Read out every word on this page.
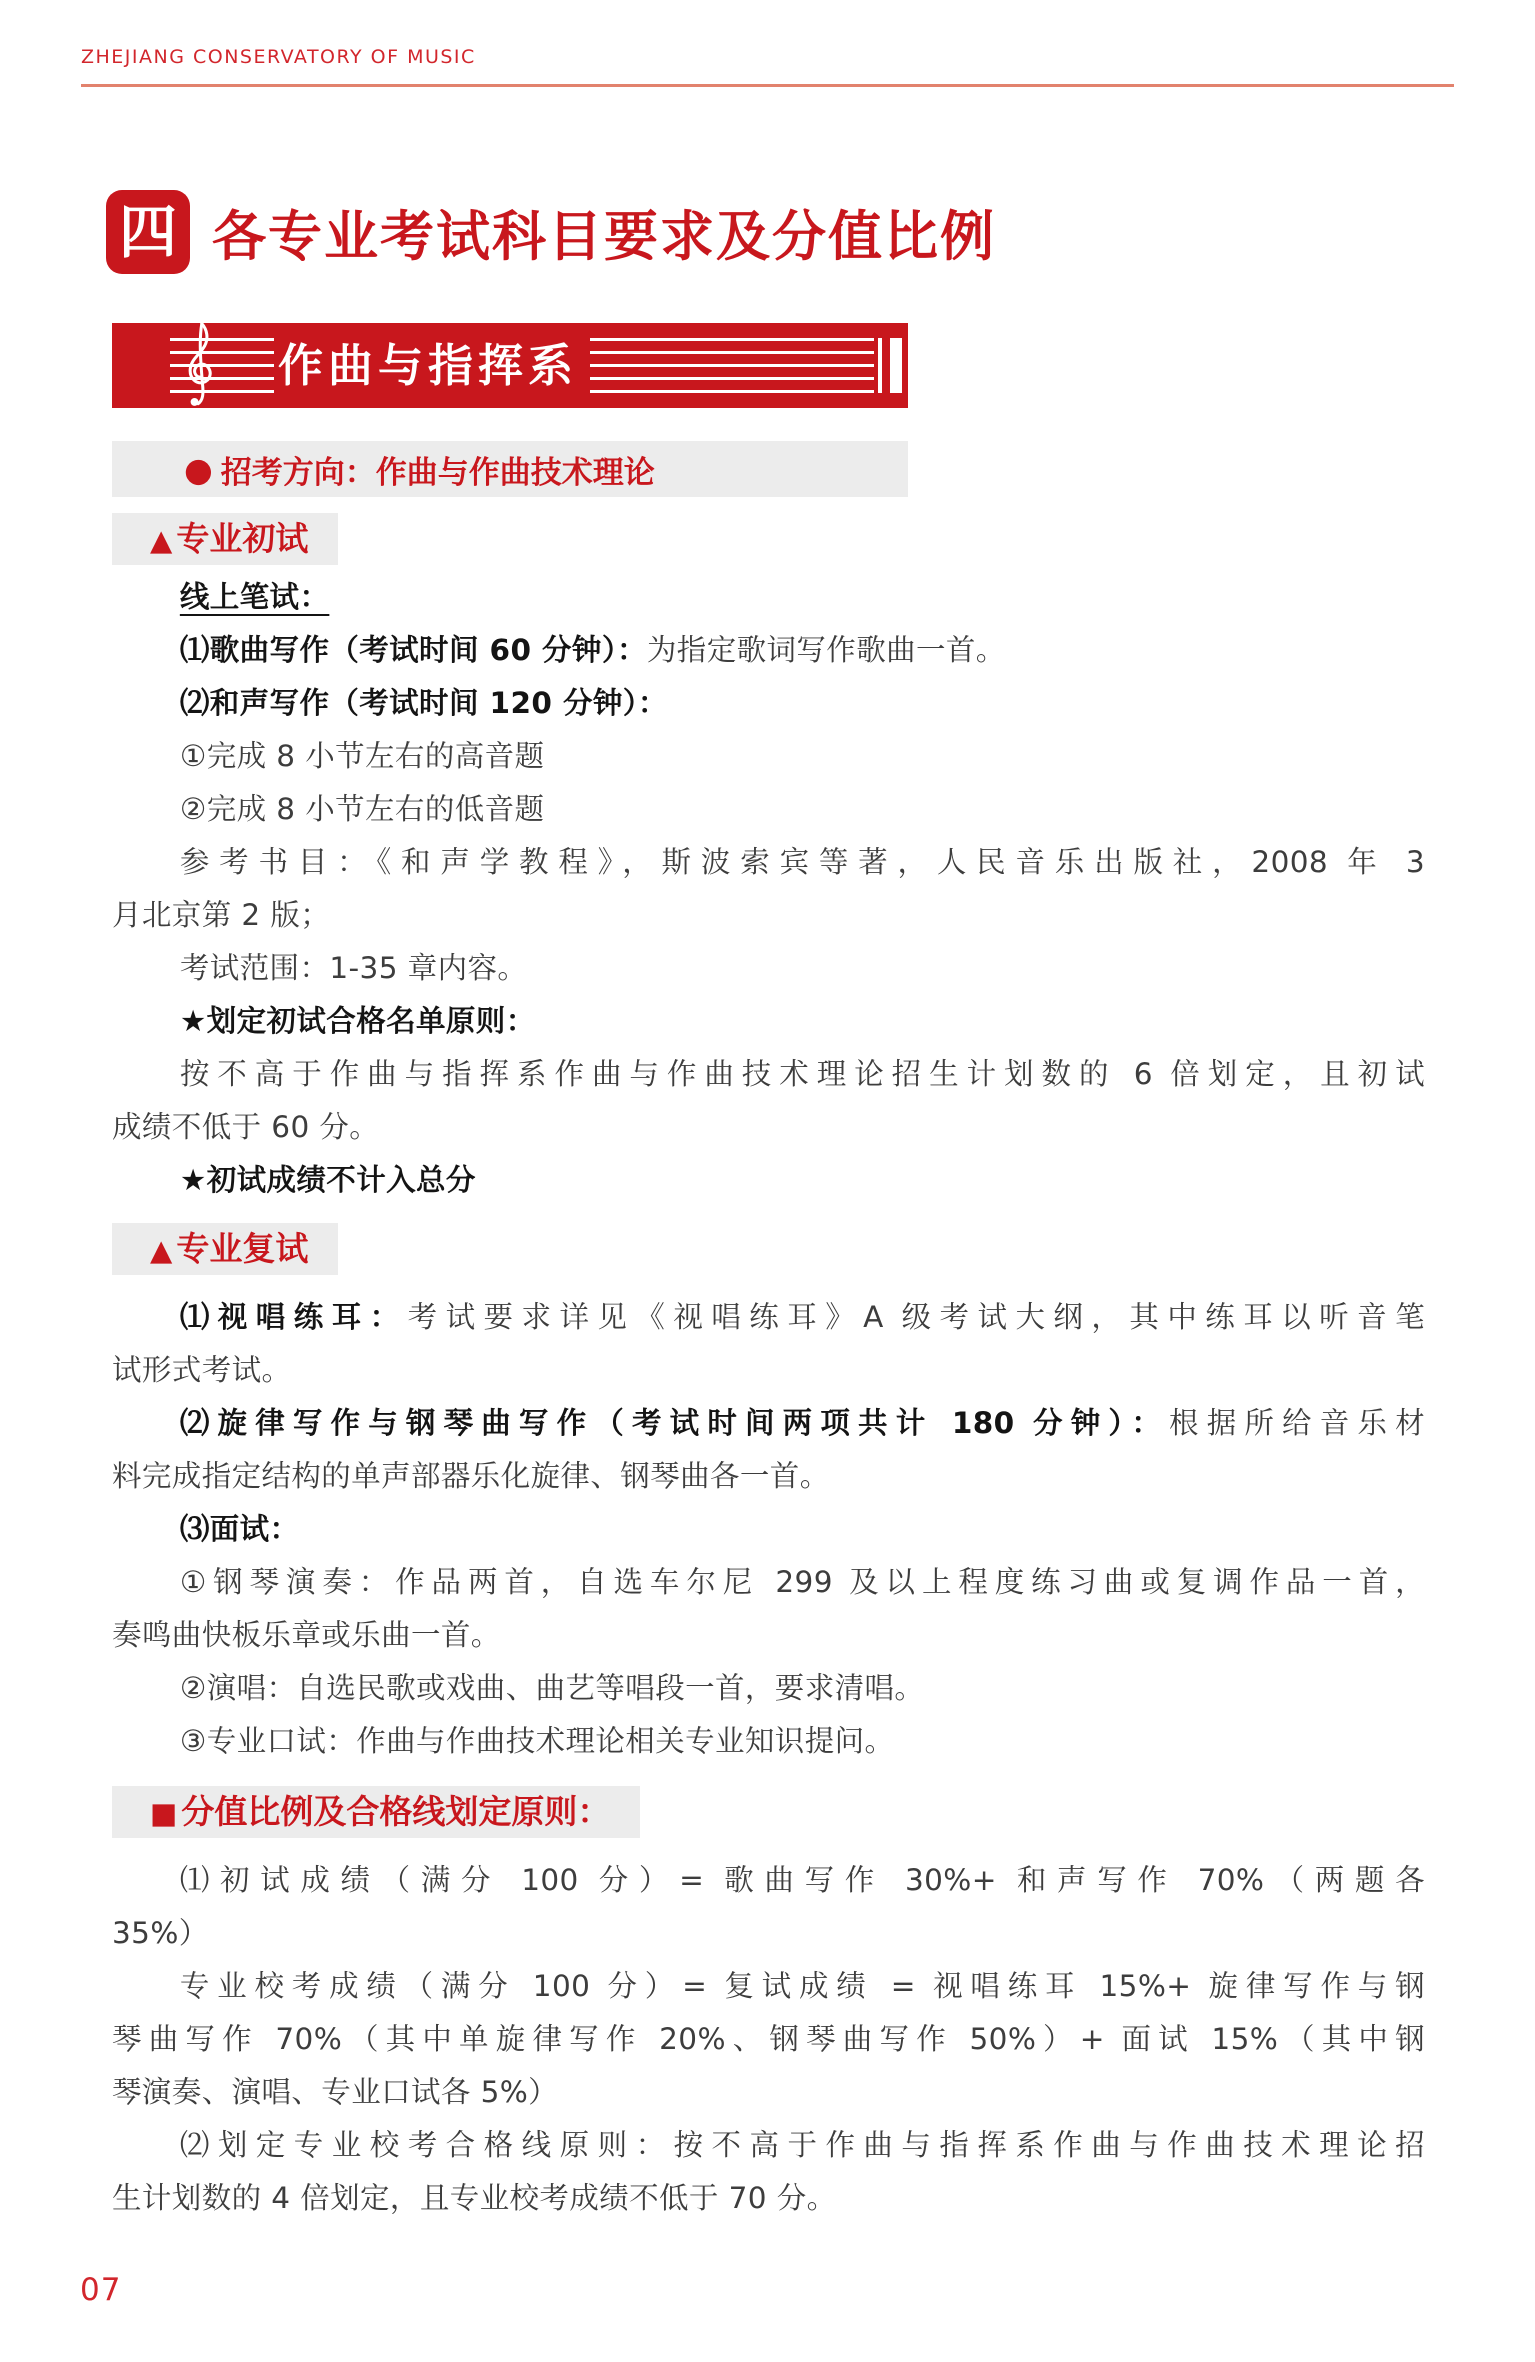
ZHEJIANG CONSERVATORY OF MUSIC
四 各专业考试科目要求及分值比例
作曲与指挥系
● 招考方向：作曲与作曲技术理论
▲ 专业初试
线上笔试：
⑴歌曲写作（考试时间 60 分钟）：为指定歌词写作歌曲一首。
⑵和声写作（考试时间 120 分钟）：
①完成 8 小节左右的高音题
②完成 8 小节左右的低音题
参考书目：《和声学教程》，斯波索宾等著，人民音乐出版社，2008 年 3
月北京第 2 版；
考试范围：1-35 章内容。
★划定初试合格名单原则：
按不高于作曲与指挥系作曲与作曲技术理论招生计划数的 6 倍划定，且初试
成绩不低于 60 分。
★初试成绩不计入总分
▲ 专业复试
⑴视唱练耳：考试要求详见《视唱练耳》A 级考试大纲，其中练耳以听音笔
试形式考试。
⑵旋律写作与钢琴曲写作（考试时间两项共计 180 分钟）：根据所给音乐材
料完成指定结构的单声部器乐化旋律、钢琴曲各一首。
⑶面试：
①钢琴演奏：作品两首，自选车尔尼 299 及以上程度练习曲或复调作品一首，
奏鸣曲快板乐章或乐曲一首。
②演唱：自选民歌或戏曲、曲艺等唱段一首，要求清唱。
③专业口试：作曲与作曲技术理论相关专业知识提问。
■ 分值比例及合格线划定原则：
⑴初试成绩（满分 100 分）= 歌曲写作 30%+ 和声写作 70%（两题各
35%）
专业校考成绩（满分 100 分）= 复试成绩 = 视唱练耳 15%+ 旋律写作与钢
琴曲写作 70%（其中单旋律写作 20%、钢琴曲写作 50%）+ 面试 15%（其中钢
琴演奏、演唱、专业口试各 5%）
⑵划定专业校考合格线原则：按不高于作曲与指挥系作曲与作曲技术理论招
生计划数的 4 倍划定，且专业校考成绩不低于 70 分。
07
